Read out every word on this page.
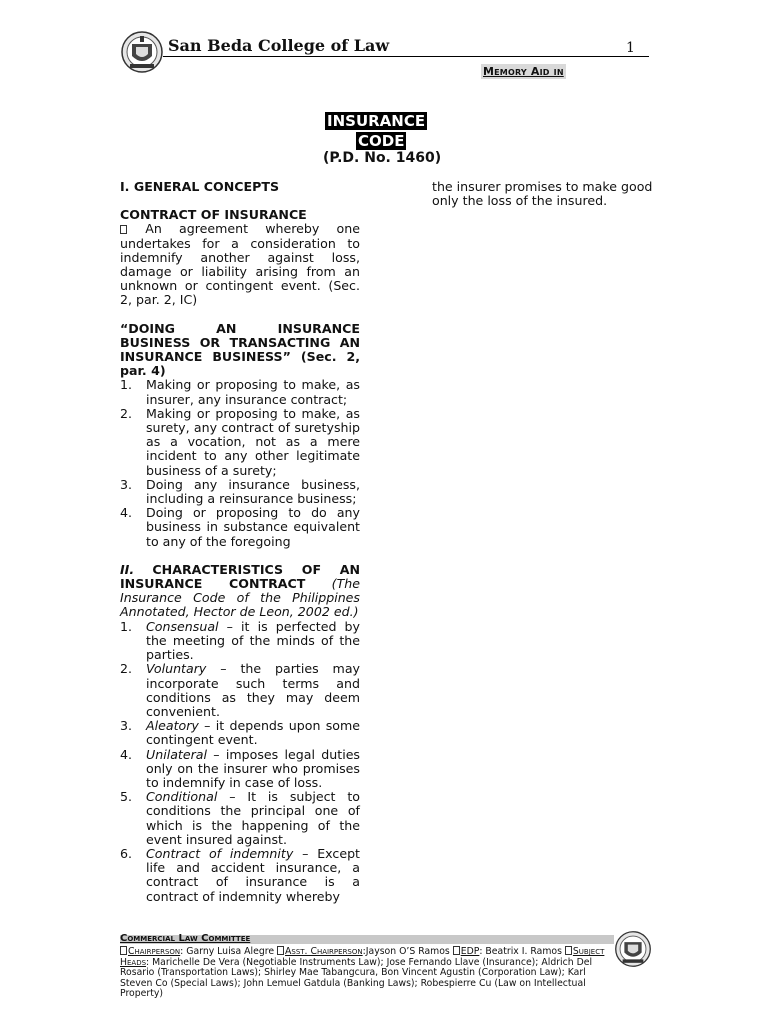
San Beda College of Law	1
Memory Aid in
INSURANCE
CODE
(P.D. No. 1460)

I. GENERAL CONCEPTS

CONTRACT OF INSURANCE

An agreement whereby one undertakes for a consideration to indemnify another against loss, damage or liability arising from an unknown or contingent event. (Sec. 2, par. 2, IC)

“DOING AN INSURANCE BUSINESS OR TRANSACTING AN INSURANCE BUSINESS” (Sec. 2, par. 4)

1. Making or proposing to make, as insurer, any insurance contract;
2. Making or proposing to make, as surety, any contract of suretyship as a vocation, not as a mere incident to any other legitimate business of a surety;
3. Doing any insurance business, including a reinsurance business;
4. Doing or proposing to do any business in substance equivalent to any of the foregoing

II. CHARACTERISTICS OF AN INSURANCE CONTRACT (The Insurance Code of the Philippines Annotated, Hector de Leon, 2002 ed.)

1. Consensual – it is perfected by the meeting of the minds of the parties.
2. Voluntary – the parties may incorporate such terms and conditions as they may deem convenient.
3. Aleatory – it depends upon some contingent event.
4. Unilateral – imposes legal duties only on the insurer who promises to indemnify in case of loss.
5. Conditional – It is subject to conditions the principal one of which is the happening of the event insured against.
6. Contract of indemnity – Except life and accident insurance, a contract of insurance is a contract of indemnity whereby

the insurer promises to make good only the loss of the insured.

Commercial Law Committee
Chairperson: Garny Luisa Alegre Asst. Chairperson:Jayson O’S Ramos EDP: Beatrix I. Ramos Subject Heads: Marichelle De Vera (Negotiable Instruments Law); Jose Fernando Llave (Insurance); Aldrich Del Rosario (Transportation Laws); Shirley Mae Tabangcura, Bon Vincent Agustin (Corporation Law); Karl Steven Co (Special Laws); John Lemuel Gatdula (Banking Laws); Robespierre Cu (Law on Intellectual Property)
